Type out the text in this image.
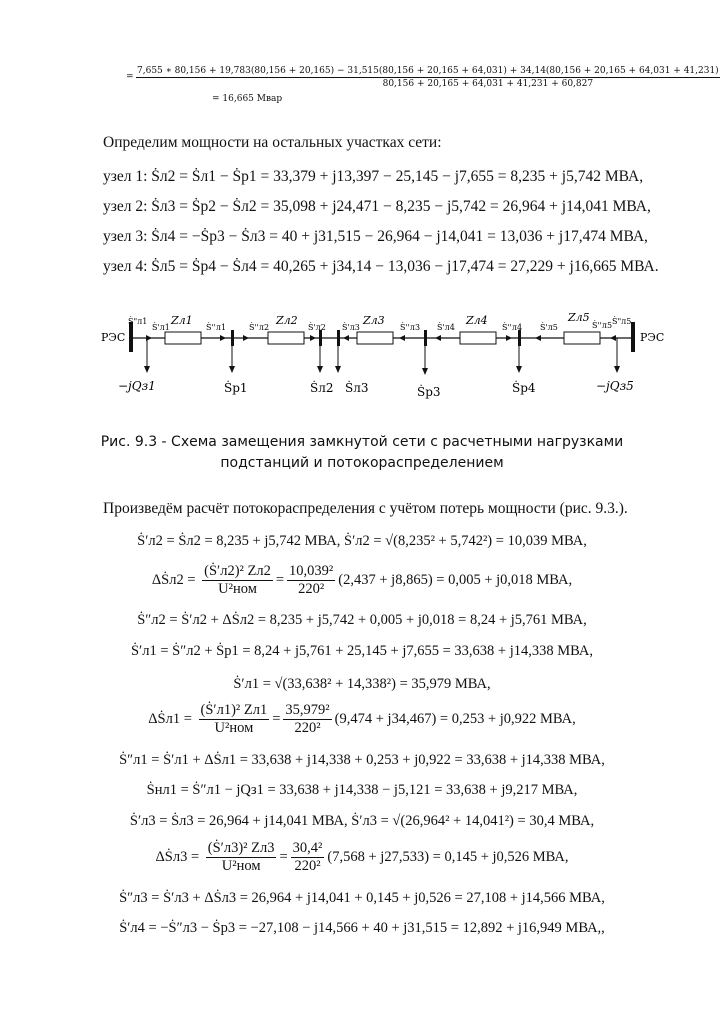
=
7,655 ∗ 80,156 + 19,783(80,156 + 20,165) − 31,515(80,156 + 20,165 + 64,031) + 34,14(80,156 + 20,165 + 64,031 + 41,231)
80,156 + 20,165 + 64,031 + 41,231 + 60,827
= 16,665 Мвар
Определим мощности на остальных участках сети:
узел 1: Ṡл2 = Ṡл1 − Ṡр1 = 33,379 + j13,397 − 25,145 − j7,655 = 8,235 + j5,742 МВА,
узел 2: Ṡл3 = Ṡр2 − Ṡл2 = 35,098 + j24,471 − 8,235 − j5,742 = 26,964 + j14,041 МВА,
узел 3: Ṡл4 = −Ṡр3 − Ṡл3 = 40 + j31,515 − 26,964 − j14,041 = 13,036 + j17,474 МВА,
узел 4: Ṡл5 = Ṡр4 − Ṡл4 = 40,265 + j34,14 − 13,036 − j17,474 = 27,229 + j16,665 МВА.
РЭС	РЭС
Zл1	Zл2	Zл3	Zл4	Zл5
Ṡ"л1
Ṡ'л1	Ṡ''л1	Ṡ''л2	Ṡ'л2 Ṡ'л3	Ṡ''л3 Ṡ'л4	Ṡ''л4 Ṡ'л5	Ṡ''л5 Ṡ"л5
−jQз1	Ṡр1	Ṡл2 Ṡл3	Ṡр3	Ṡр4	−jQз5
Рис. 9.3 - Схема замещения замкнутой сети с расчетными нагрузками
подстанций и потокораспределением
Произведём расчёт потокораспределения с учётом потерь мощности (рис. 9.3.).
Ṡ′л2 = Ṡл2 = 8,235 + j5,742 МВА, Ṡ′л2 = √(8,235² + 5,742²) = 10,039 МВА,
ΔṠл2 = $\frac{\text{(Ṡ′л2)² Zл2}}{\text{U²ном}} = \frac{\text{10,039²}}{\text{220²}} (2,437 + j8,865) = 0,005 + j0,018$ МВА,
Ṡ″л2 = Ṡ′л2 + ΔṠл2 = 8,235 + j5,742 + 0,005 + j0,018 = 8,24 + j5,761 МВА,
Ṡ′л1 = Ṡ″л2 + Ṡр1 = 8,24 + j5,761 + 25,145 + j7,655 = 33,638 + j14,338 МВА,
Ṡ′л1 = √(33,638² + 14,338²) = 35,979 МВА,
ΔṠл1 = $\frac{\text{(Ṡ′л1)² Zл1}}{\text{U²ном}} = \frac{\text{35,979²}}{\text{220²}} (9,474 + j34,467) = 0,253 + j0,922$ МВА,
Ṡ″л1 = Ṡ′л1 + ΔṠл1 = 33,638 + j14,338 + 0,253 + j0,922 = 33,638 + j14,338 МВА,
Ṡнл1 = Ṡ″л1 − jQз1 = 33,638 + j14,338 − j5,121 = 33,638 + j9,217 МВА,
Ṡ′л3 = Ṡл3 = 26,964 + j14,041 МВА, Ṡ′л3 = √(26,964² + 14,041²) = 30,4 МВА,
ΔṠл3 = $\frac{\text{(Ṡ′л3)² Zл3}}{\text{U²ном}} = \frac{\text{30,4²}}{\text{220²}} (7,568 + j27,533) = 0,145 + j0,526$ МВА,
Ṡ″л3 = Ṡ′л3 + ΔṠл3 = 26,964 + j14,041 + 0,145 + j0,526 = 27,108 + j14,566 МВА,
Ṡ′л4 = −Ṡ″л3 − Ṡр3 = −27,108 − j14,566 + 40 + j31,515 = 12,892 + j16,949 МВА,,
